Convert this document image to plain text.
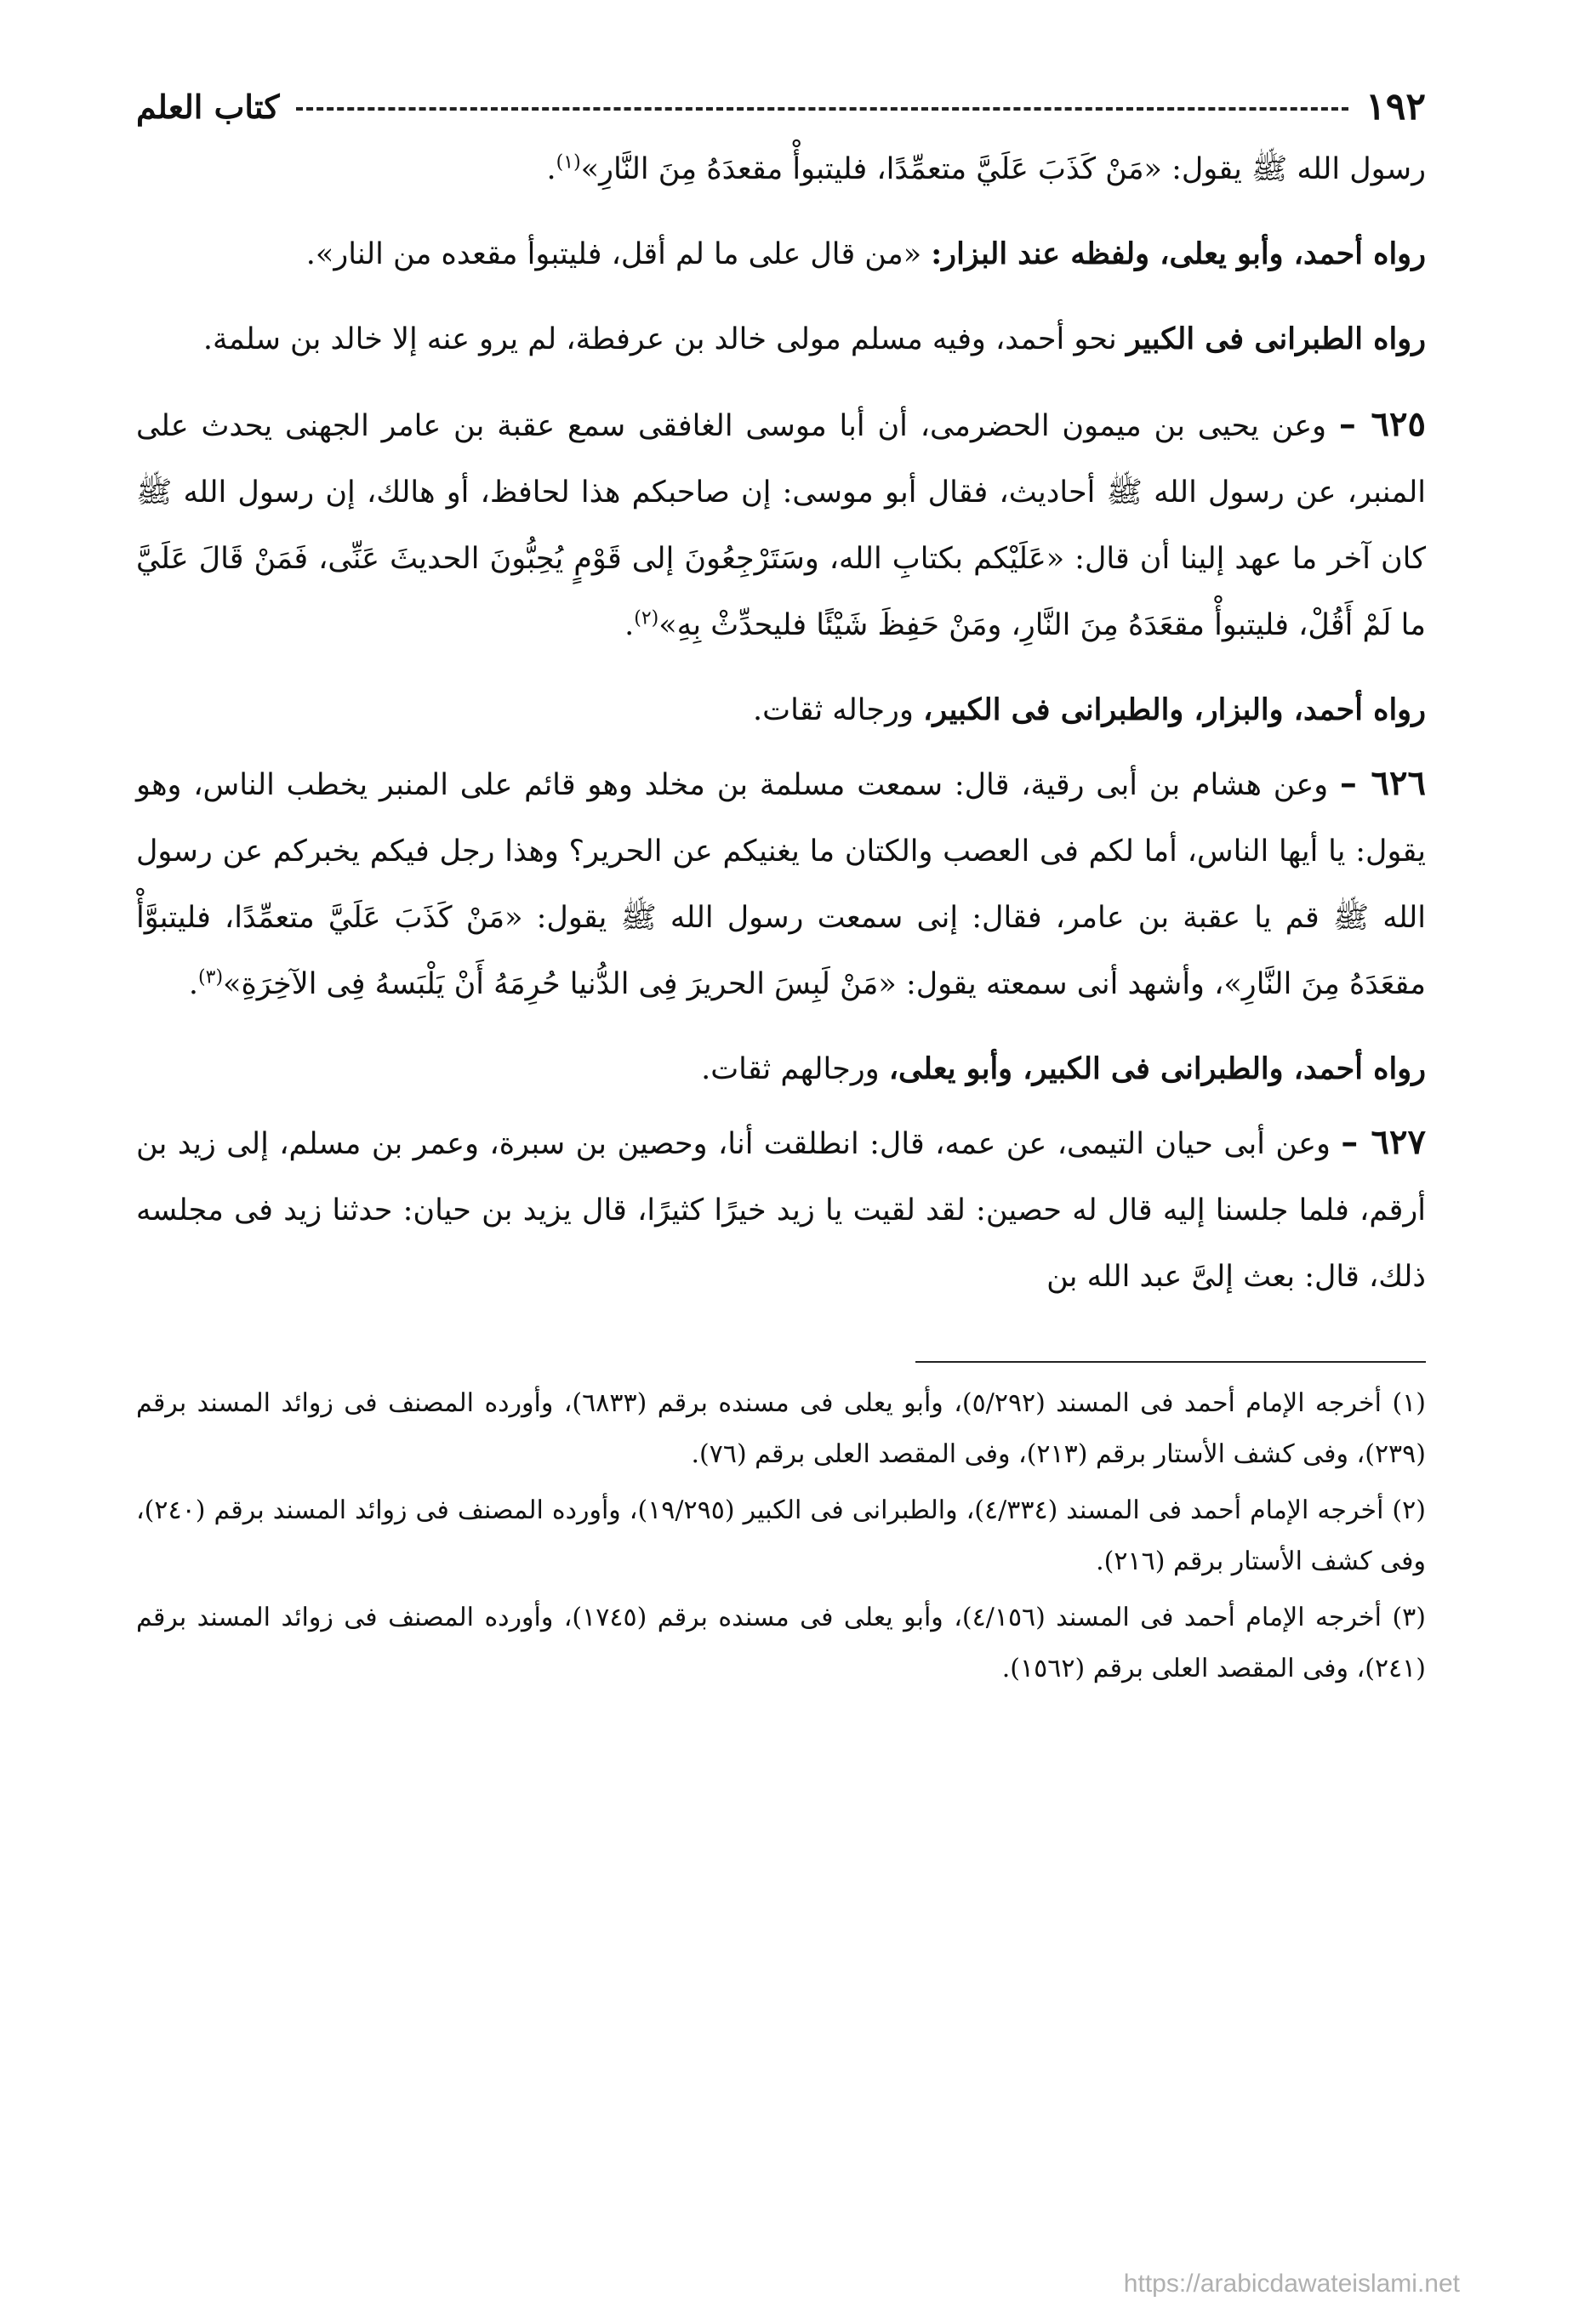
١٩٢
كتاب العلم

رسول الله ﷺ يقول: «مَنْ كَذَبَ عَلَيَّ متعمِّدًا، فليتبوأْ مقعدَهُ مِنَ النَّارِ»$^{(١)}$.

رواه أحمد، وأبو يعلى، ولفظه عند البزار: «من قال على ما لم أقل، فليتبوأ مقعده من النار».

رواه الطبرانى فى الكبير نحو أحمد، وفيه مسلم مولى خالد بن عرفطة، لم يرو عنه إلا خالد بن سلمة.

٦٢٥ – وعن يحيى بن ميمون الحضرمى، أن أبا موسى الغافقى سمع عقبة بن عامر الجهنى يحدث على المنبر، عن رسول الله ﷺ أحاديث، فقال أبو موسى: إن صاحبكم هذا لحافظ، أو هالك، إن رسول الله ﷺ كان آخر ما عهد إلينا أن قال: «عَلَيْكم بكتابِ الله، وسَتَرْجِعُونَ إلى قَوْمٍ يُحِبُّونَ الحديثَ عَنِّى، فَمَنْ قَالَ عَلَيَّ ما لَمْ أَقُلْ، فليتبوأْ مقعَدَهُ مِنَ النَّارِ، ومَنْ حَفِظَ شَيْئًا فليحدِّثْ بِهِ»$^{(٢)}$.

رواه أحمد، والبزار، والطبرانى فى الكبير، ورجاله ثقات.

٦٢٦ – وعن هشام بن أبى رقية، قال: سمعت مسلمة بن مخلد وهو قائم على المنبر يخطب الناس، وهو يقول: يا أيها الناس، أما لكم فى العصب والكتان ما يغنيكم عن الحرير؟ وهذا رجل فيكم يخبركم عن رسول الله ﷺ قم يا عقبة بن عامر، فقال: إنى سمعت رسول الله ﷺ يقول: «مَنْ كَذَبَ عَلَيَّ متعمِّدًا، فليتبوَّأْ مقعَدَهُ مِنَ النَّارِ»، وأشهد أنى سمعته يقول: «مَنْ لَبِسَ الحريرَ فِى الدُّنيا حُرِمَهُ أَنْ يَلْبَسهُ فِى الآخِرَةِ»$^{(٣)}$.

رواه أحمد، والطبرانى فى الكبير، وأبو يعلى، ورجالهم ثقات.

٦٢٧ – وعن أبى حيان التيمى، عن عمه، قال: انطلقت أنا، وحصين بن سبرة، وعمر بن مسلم، إلى زيد بن أرقم، فلما جلسنا إليه قال له حصين: لقد لقيت يا زيد خيرًا كثيرًا، قال يزيد بن حيان: حدثنا زيد فى مجلسه ذلك، قال: بعث إلىَّ عبد الله بن

(١) أخرجه الإمام أحمد فى المسند (٥/٢٩٢)، وأبو يعلى فى مسنده برقم (٦٨٣٣)، وأورده المصنف فى زوائد المسند برقم (٢٣٩)، وفى كشف الأستار برقم (٢١٣)، وفى المقصد العلى برقم (٧٦).

(٢) أخرجه الإمام أحمد فى المسند (٤/٣٣٤)، والطبرانى فى الكبير (١٩/٢٩٥)، وأورده المصنف فى زوائد المسند برقم (٢٤٠)، وفى كشف الأستار برقم (٢١٦).

(٣) أخرجه الإمام أحمد فى المسند (٤/١٥٦)، وأبو يعلى فى مسنده برقم (١٧٤٥)، وأورده المصنف فى زوائد المسند برقم (٢٤١)، وفى المقصد العلى برقم (١٥٦٢).

https://arabicdawateislami.net
